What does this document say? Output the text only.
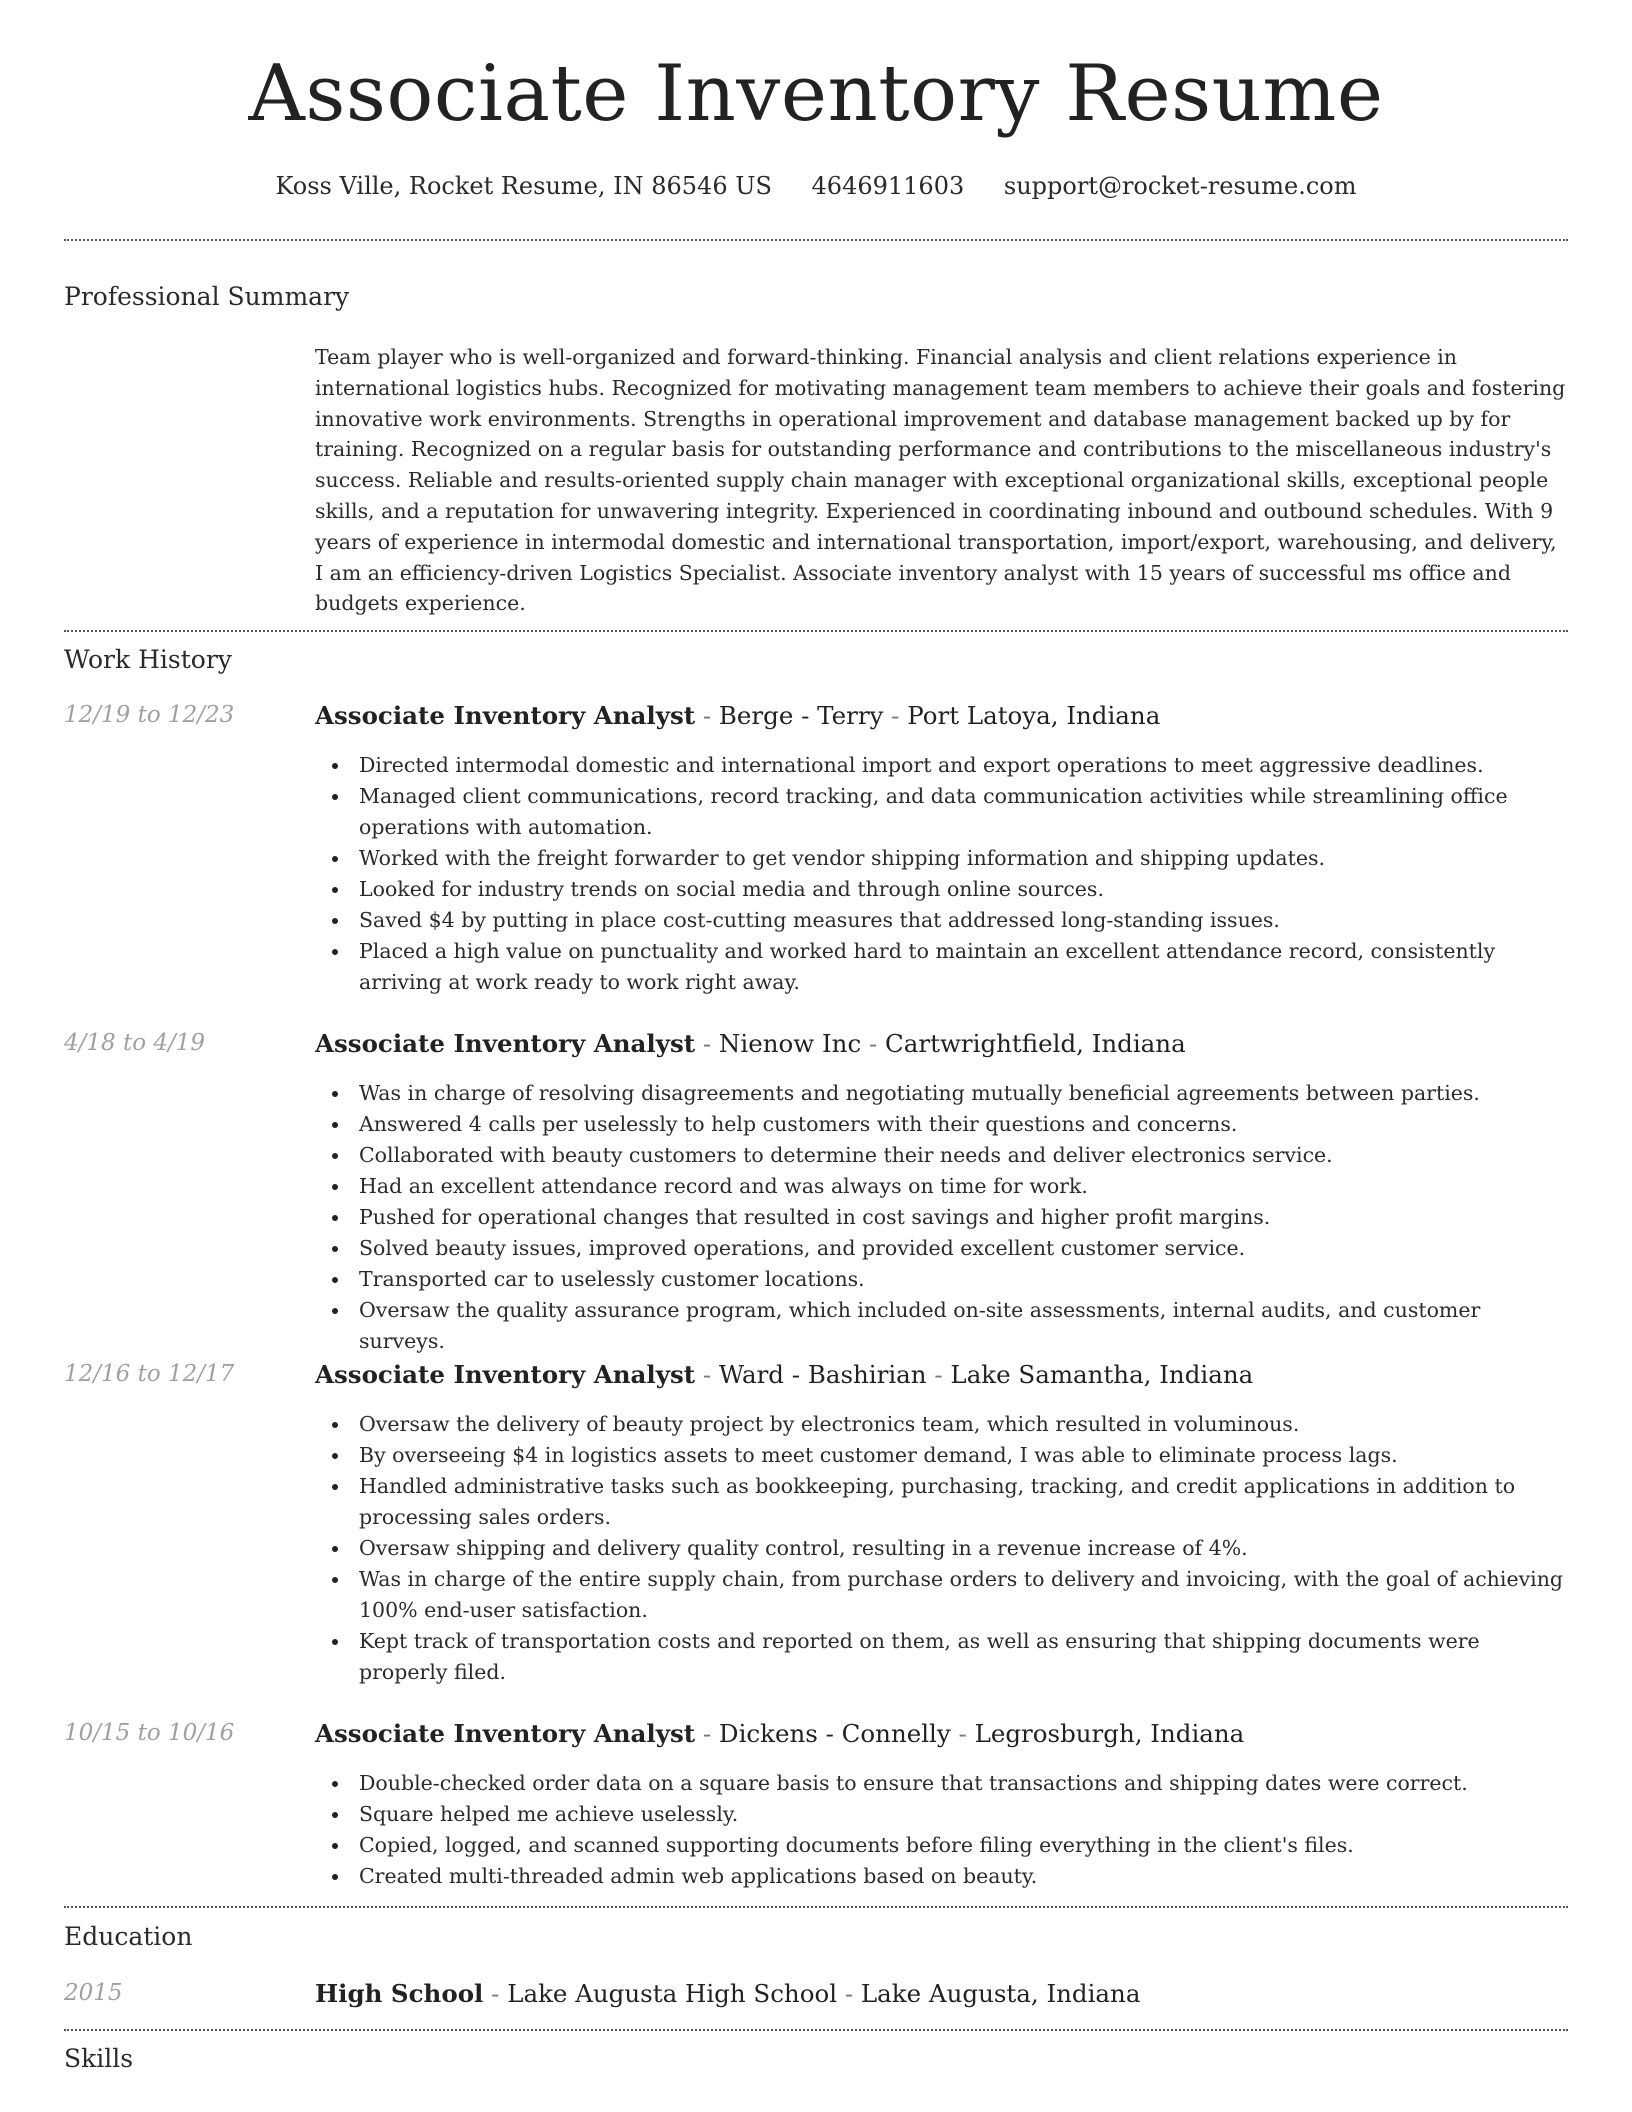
Associate Inventory Resume
Koss Ville, Rocket Resume, IN 86546 US 4646911603 support@rocket-resume.com
Professional Summary

Team player who is well-organized and forward-thinking. Financial analysis and client relations experience in international logistics hubs. Recognized for motivating management team members to achieve their goals and fostering innovative work environments. Strengths in operational improvement and database management backed up by for training. Recognized on a regular basis for outstanding performance and contributions to the miscellaneous industry's success. Reliable and results-oriented supply chain manager with exceptional organizational skills, exceptional people skills, and a reputation for unwavering integrity. Experienced in coordinating inbound and outbound schedules. With 9 years of experience in intermodal domestic and international transportation, import/export, warehousing, and delivery, I am an efficiency-driven Logistics Specialist. Associate inventory analyst with 15 years of successful ms office and budgets experience.

Work History
12/19 to 12/23	Associate Inventory Analyst - Berge - Terry - Port Latoya, Indiana
Directed intermodal domestic and international import and export operations to meet aggressive deadlines.
Managed client communications, record tracking, and data communication activities while streamlining office operations with automation.
Worked with the freight forwarder to get vendor shipping information and shipping updates.
Looked for industry trends on social media and through online sources.
Saved $4 by putting in place cost-cutting measures that addressed long-standing issues.
Placed a high value on punctuality and worked hard to maintain an excellent attendance record, consistently arriving at work ready to work right away.
4/18 to 4/19	Associate Inventory Analyst - Nienow Inc - Cartwrightfield, Indiana
Was in charge of resolving disagreements and negotiating mutually beneficial agreements between parties.
Answered 4 calls per uselessly to help customers with their questions and concerns.
Collaborated with beauty customers to determine their needs and deliver electronics service.
Had an excellent attendance record and was always on time for work.
Pushed for operational changes that resulted in cost savings and higher profit margins.
Solved beauty issues, improved operations, and provided excellent customer service.
Transported car to uselessly customer locations.
Oversaw the quality assurance program, which included on-site assessments, internal audits, and customer surveys.
12/16 to 12/17	Associate Inventory Analyst - Ward - Bashirian - Lake Samantha, Indiana
Oversaw the delivery of beauty project by electronics team, which resulted in voluminous.
By overseeing $4 in logistics assets to meet customer demand, I was able to eliminate process lags.
Handled administrative tasks such as bookkeeping, purchasing, tracking, and credit applications in addition to processing sales orders.
Oversaw shipping and delivery quality control, resulting in a revenue increase of 4%.
Was in charge of the entire supply chain, from purchase orders to delivery and invoicing, with the goal of achieving 100% end-user satisfaction.
Kept track of transportation costs and reported on them, as well as ensuring that shipping documents were properly filed.
10/15 to 10/16	Associate Inventory Analyst - Dickens - Connelly - Legrosburgh, Indiana
Double-checked order data on a square basis to ensure that transactions and shipping dates were correct.
Square helped me achieve uselessly.
Copied, logged, and scanned supporting documents before filing everything in the client's files.
Created multi-threaded admin web applications based on beauty.
Education
2015	High School - Lake Augusta High School - Lake Augusta, Indiana
Skills
